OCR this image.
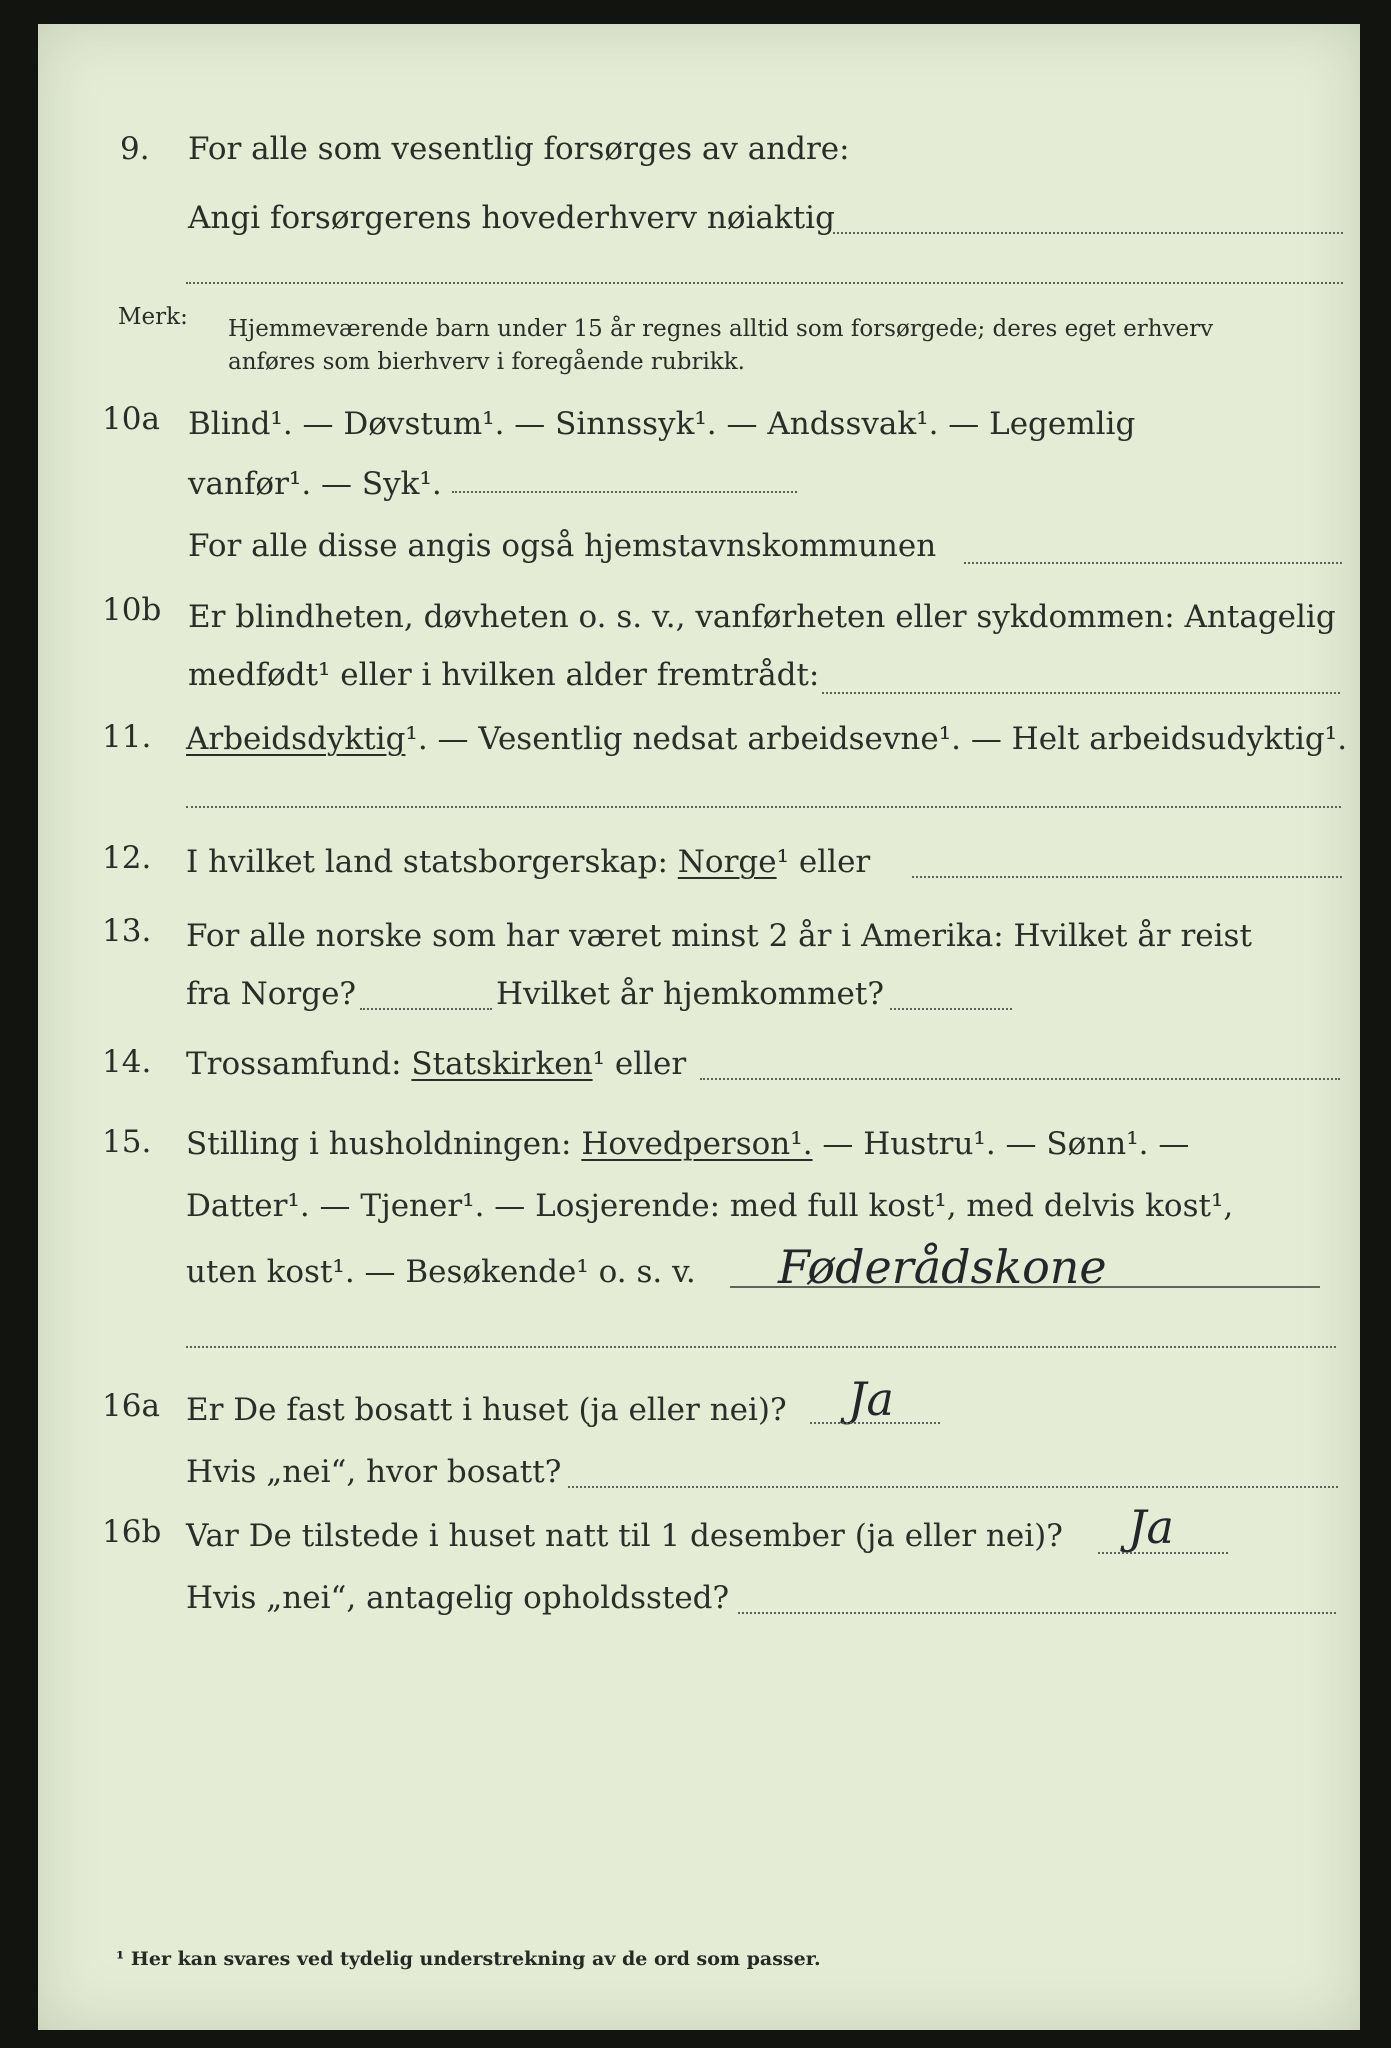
9. For alle som vesentlig forsørges av andre:
Angi forsørgerens hovederhverv nøiaktig
Merk: Hjemmeværende barn under 15 år regnes alltid som forsørgede; deres eget erhverv
anføres som bierhverv i foregående rubrikk.
10a Blind¹. — Døvstum¹. — Sinnssyk¹. — Andssvak¹. — Legemlig
vanfør¹. — Syk¹.
For alle disse angis også hjemstavnskommunen
10b Er blindheten, døvheten o. s. v., vanførheten eller sykdommen: Antagelig
medfødt¹ eller i hvilken alder fremtrådt:
11. Arbeidsdyktig¹. — Vesentlig nedsat arbeidsevne¹. — Helt arbeidsudyktig¹.
12. I hvilket land statsborgerskap: Norge¹ eller
13. For alle norske som har været minst 2 år i Amerika: Hvilket år reist
fra Norge?	Hvilket år hjemkommet?
14. Trossamfund: Statskirken¹ eller
15. Stilling i husholdningen: Hovedperson¹. — Hustru¹. — Sønn¹. —
Datter¹. — Tjener¹. — Losjerende: med full kost¹, med delvis kost¹,
uten kost¹. — Besøkende¹ o. s. v. Føderådskone
16a Er De fast bosatt i huset (ja eller nei)? Ja
Hvis „nei“, hvor bosatt?
16b Var De tilstede i huset natt til 1 desember (ja eller nei)? Ja
Hvis „nei“, antagelig opholdssted?
¹ Her kan svares ved tydelig understrekning av de ord som passer.
